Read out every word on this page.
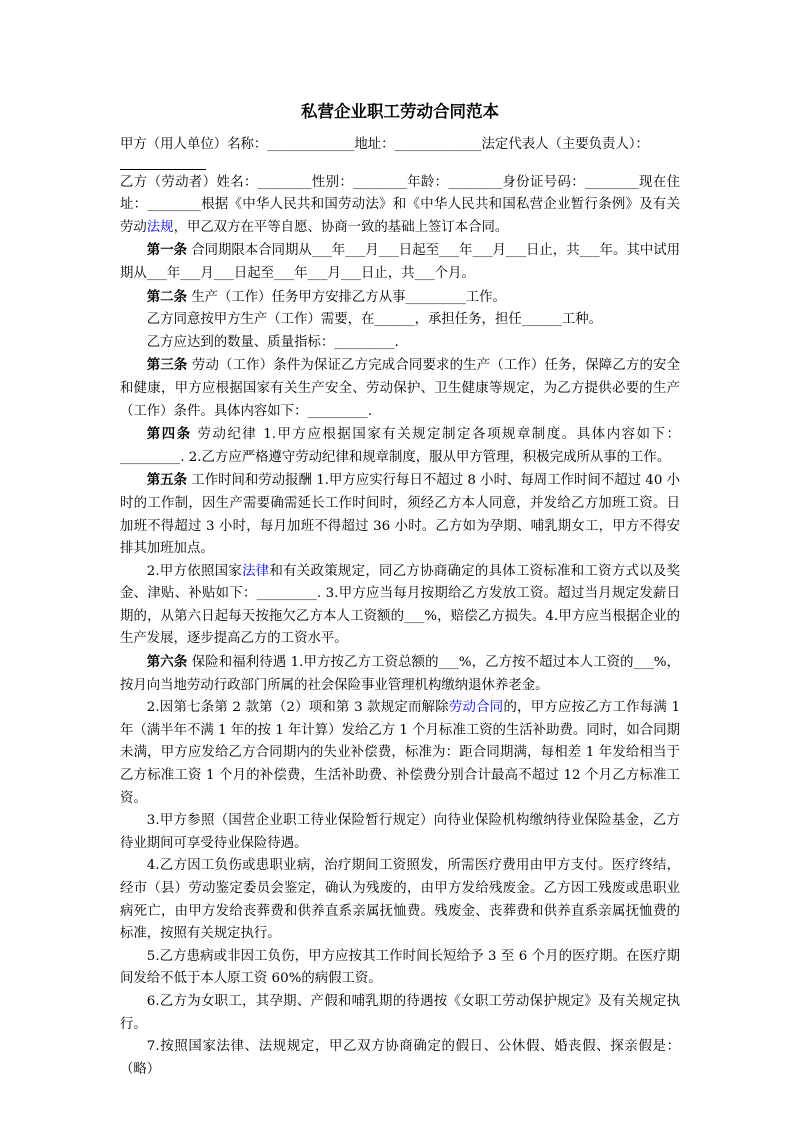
私营企业职工劳动合同范本

甲方（用人单位）名称：_____________地址：_____________法定代表人（主要负责人）：

乙方（劳动者）姓名：________性别：________年龄：________身份证号码：________现在住址：________根据《中华人民共和国劳动法》和《中华人民共和国私营企业暂行条例》及有关劳动法规，甲乙双方在平等自愿、协商一致的基础上签订本合同。

第一条 合同期限本合同期从___年___月___日起至___年___月___日止，共___年。其中试用期从___年___月___日起至___年___月___日止，共___个月。

第二条 生产（工作）任务甲方安排乙方从事_________工作。

乙方同意按甲方生产（工作）需要，在______，承担任务，担任______工种。

乙方应达到的数量、质量指标：_________.

第三条 劳动（工作）条件为保证乙方完成合同要求的生产（工作）任务，保障乙方的安全和健康，甲方应根据国家有关生产安全、劳动保护、卫生健康等规定，为乙方提供必要的生产（工作）条件。具体内容如下：_________.

第四条 劳动纪律 1.甲方应根据国家有关规定制定各项规章制度。具体内容如下：_________. 2.乙方应严格遵守劳动纪律和规章制度，服从甲方管理，积极完成所从事的工作。

第五条 工作时间和劳动报酬 1.甲方应实行每日不超过 8 小时、每周工作时间不超过 40 小时的工作制，因生产需要确需延长工作时间时，须经乙方本人同意，并发给乙方加班工资。日加班不得超过 3 小时，每月加班不得超过 36 小时。乙方如为孕期、哺乳期女工，甲方不得安排其加班加点。

2.甲方依照国家法律和有关政策规定，同乙方协商确定的具体工资标准和工资方式以及奖金、津贴、补贴如下：_________. 3.甲方应当每月按期给乙方发放工资。超过当月规定发薪日期的，从第六日起每天按拖欠乙方本人工资额的___%，赔偿乙方损失。4.甲方应当根据企业的生产发展，逐步提高乙方的工资水平。

第六条 保险和福利待遇 1.甲方按乙方工资总额的___%，乙方按不超过本人工资的___%，按月向当地劳动行政部门所属的社会保险事业管理机构缴纳退休养老金。

2.因第七条第 2 款第（2）项和第 3 款规定而解除劳动合同的，甲方应按乙方工作每满 1 年（满半年不满 1 年的按 1 年计算）发给乙方 1 个月标准工资的生活补助费。同时，如合同期未满，甲方应发给乙方合同期内的失业补偿费，标准为：距合同期满，每相差 1 年发给相当于乙方标准工资 1 个月的补偿费，生活补助费、补偿费分别合计最高不超过 12 个月乙方标准工资。

3.甲方参照（国营企业职工待业保险暂行规定）向待业保险机构缴纳待业保险基金，乙方待业期间可享受待业保险待遇。

4.乙方因工负伤或患职业病，治疗期间工资照发，所需医疗费用由甲方支付。医疗终结，经市（县）劳动鉴定委员会鉴定，确认为残废的，由甲方发给残废金。乙方因工残废或患职业病死亡，由甲方发给丧葬费和供养直系亲属抚恤费。残废金、丧葬费和供养直系亲属抚恤费的标准，按照有关规定执行。

5.乙方患病或非因工负伤，甲方应按其工作时间长短给予 3 至 6 个月的医疗期。在医疗期间发给不低于本人原工资 60%的病假工资。

6.乙方为女职工，其孕期、产假和哺乳期的待遇按《女职工劳动保护规定》及有关规定执行。

7.按照国家法律、法规规定，甲乙双方协商确定的假日、公休假、婚丧假、探亲假是：（略）
